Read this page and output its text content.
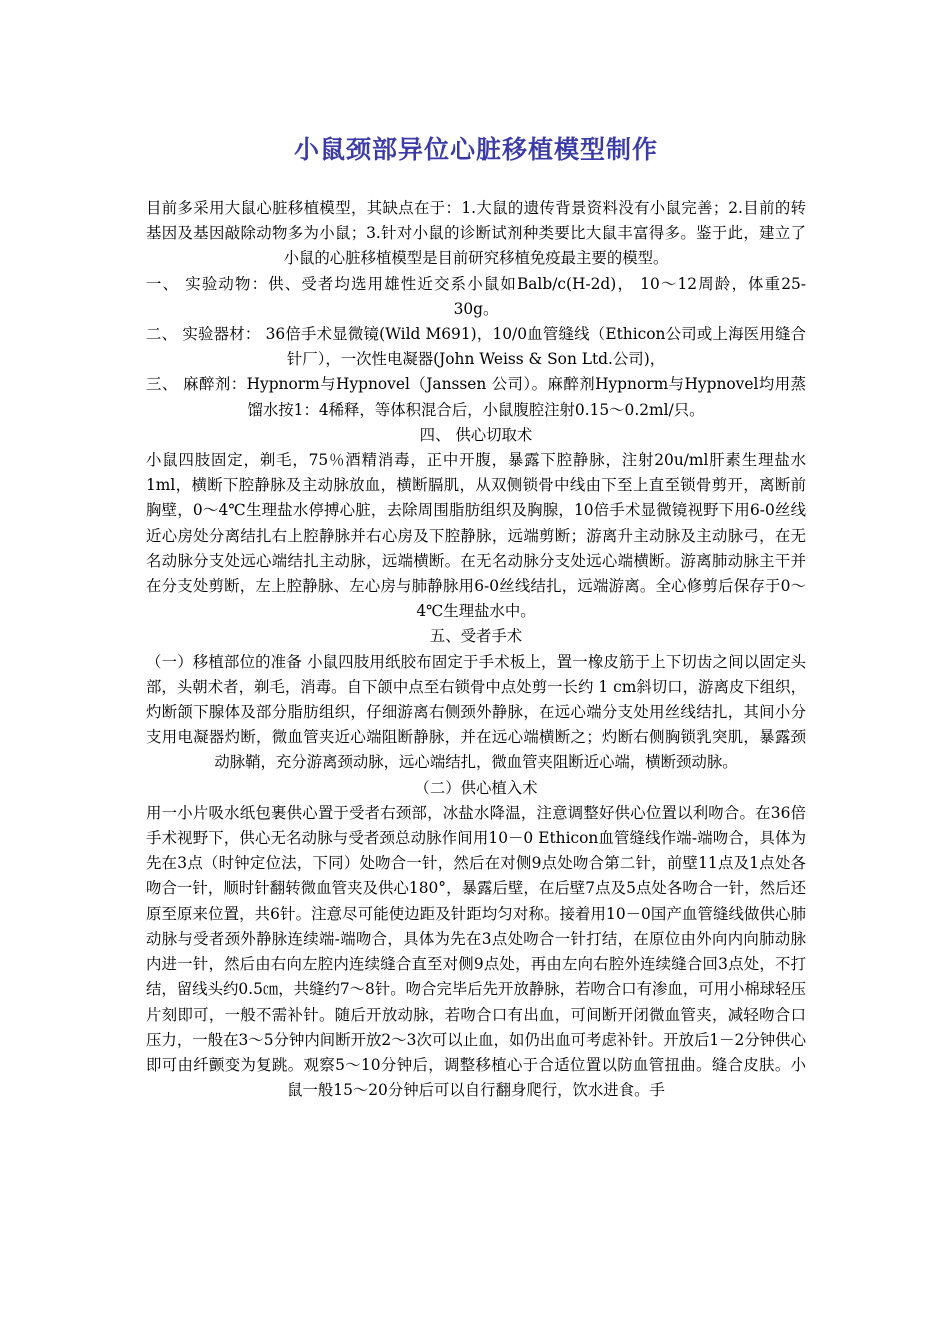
小鼠颈部异位心脏移植模型制作

目前多采用大鼠心脏移植模型，其缺点在于：1.大鼠的遗传背景资料没有小鼠完善；2.目前的转基因及基因敲除动物多为小鼠；3.针对小鼠的诊断试剂种类要比大鼠丰富得多。鉴于此，建立了小鼠的心脏移植模型是目前研究移植免疫最主要的模型。

一、 实验动物：供、受者均选用雄性近交系小鼠如Balb/c(H-2d)， 10～12周龄，体重25-30g。

二、 实验器材： 36倍手术显微镜(Wild M691)，10/0血管缝线（Ethicon公司或上海医用缝合针厂），一次性电凝器(John Weiss & Son Ltd.公司)，

三、 麻醉剂：Hypnorm与Hypnovel（Janssen 公司）。麻醉剂Hypnorm与Hypnovel均用蒸馏水按1：4稀释，等体积混合后，小鼠腹腔注射0.15～0.2ml/只。

四、 供心切取术

小鼠四肢固定，剃毛，75％酒精消毒，正中开腹，暴露下腔静脉，注射20u/ml肝素生理盐水1ml，横断下腔静脉及主动脉放血，横断膈肌，从双侧锁骨中线由下至上直至锁骨剪开，离断前胸壁，0～4℃生理盐水停搏心脏，去除周围脂肪组织及胸腺，10倍手术显微镜视野下用6-0丝线近心房处分离结扎右上腔静脉并右心房及下腔静脉，远端剪断；游离升主动脉及主动脉弓，在无名动脉分支处远心端结扎主动脉，远端横断。在无名动脉分支处远心端横断。游离肺动脉主干并在分支处剪断，左上腔静脉、左心房与肺静脉用6-0丝线结扎，远端游离。全心修剪后保存于0～4℃生理盐水中。

五、受者手术

（一）移植部位的准备 小鼠四肢用纸胶布固定于手术板上，置一橡皮筋于上下切齿之间以固定头部，头朝术者，剃毛，消毒。自下颌中点至右锁骨中点处剪一长约 1 cm斜切口，游离皮下组织，灼断颌下腺体及部分脂肪组织，仔细游离右侧颈外静脉，在远心端分支处用丝线结扎，其间小分支用电凝器灼断，微血管夹近心端阻断静脉，并在远心端横断之；灼断右侧胸锁乳突肌，暴露颈动脉鞘，充分游离颈动脉，远心端结扎，微血管夹阻断近心端，横断颈动脉。

（二）供心植入术

用一小片吸水纸包裹供心置于受者右颈部，冰盐水降温，注意调整好供心位置以利吻合。在36倍手术视野下，供心无名动脉与受者颈总动脉作间用10－0 Ethicon血管缝线作端-端吻合，具体为先在3点（时钟定位法，下同）处吻合一针，然后在对侧9点处吻合第二针，前壁11点及1点处各吻合一针，顺时针翻转微血管夹及供心180°，暴露后壁，在后壁7点及5点处各吻合一针，然后还原至原来位置，共6针。注意尽可能使边距及针距均匀对称。接着用10－0国产血管缝线做供心肺动脉与受者颈外静脉连续端-端吻合，具体为先在3点处吻合一针打结，在原位由外向内向肺动脉内进一针，然后由右向左腔内连续缝合直至对侧9点处，再由左向右腔外连续缝合回3点处，不打结，留线头约0.5㎝，共缝约7～8针。吻合完毕后先开放静脉，若吻合口有渗血，可用小棉球轻压片刻即可，一般不需补针。随后开放动脉，若吻合口有出血，可间断开闭微血管夹，减轻吻合口压力，一般在3～5分钟内间断开放2～3次可以止血，如仍出血可考虑补针。开放后1－2分钟供心即可由纤颤变为复跳。观察5～10分钟后，调整移植心于合适位置以防血管扭曲。缝合皮肤。小鼠一般15～20分钟后可以自行翻身爬行，饮水进食。手
